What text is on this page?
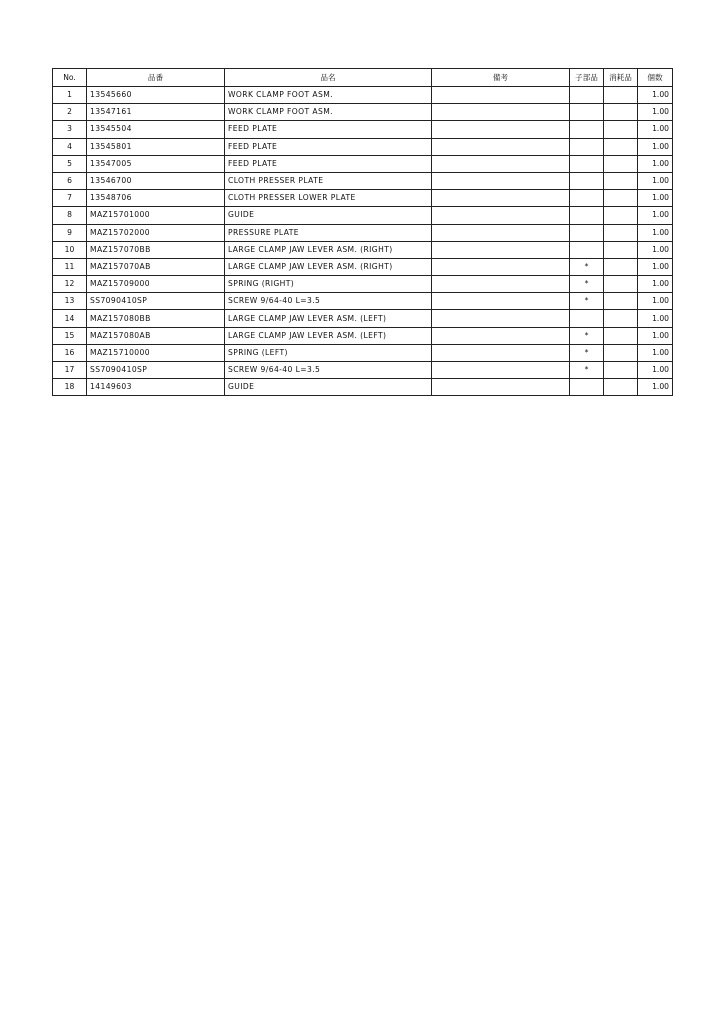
No.	品番	品名	備考	子部品	消耗品	個数
1	13545660	WORK CLAMP FOOT ASM.				1.00
2	13547161	WORK CLAMP FOOT ASM.				1.00
3	13545504	FEED PLATE				1.00
4	13545801	FEED PLATE				1.00
5	13547005	FEED PLATE				1.00
6	13546700	CLOTH PRESSER PLATE				1.00
7	13548706	CLOTH PRESSER LOWER PLATE				1.00
8	MAZ15701000	GUIDE				1.00
9	MAZ15702000	PRESSURE PLATE				1.00
10	MAZ157070BB	LARGE CLAMP JAW LEVER ASM. (RIGHT)				1.00
11	MAZ157070AB	LARGE CLAMP JAW LEVER ASM. (RIGHT)		*		1.00
12	MAZ15709000	SPRING (RIGHT)		*		1.00
13	SS7090410SP	SCREW 9/64-40 L=3.5		*		1.00
14	MAZ157080BB	LARGE CLAMP JAW LEVER ASM. (LEFT)				1.00
15	MAZ157080AB	LARGE CLAMP JAW LEVER ASM. (LEFT)		*		1.00
16	MAZ15710000	SPRING (LEFT)		*		1.00
17	SS7090410SP	SCREW 9/64-40 L=3.5		*		1.00
18	14149603	GUIDE				1.00
